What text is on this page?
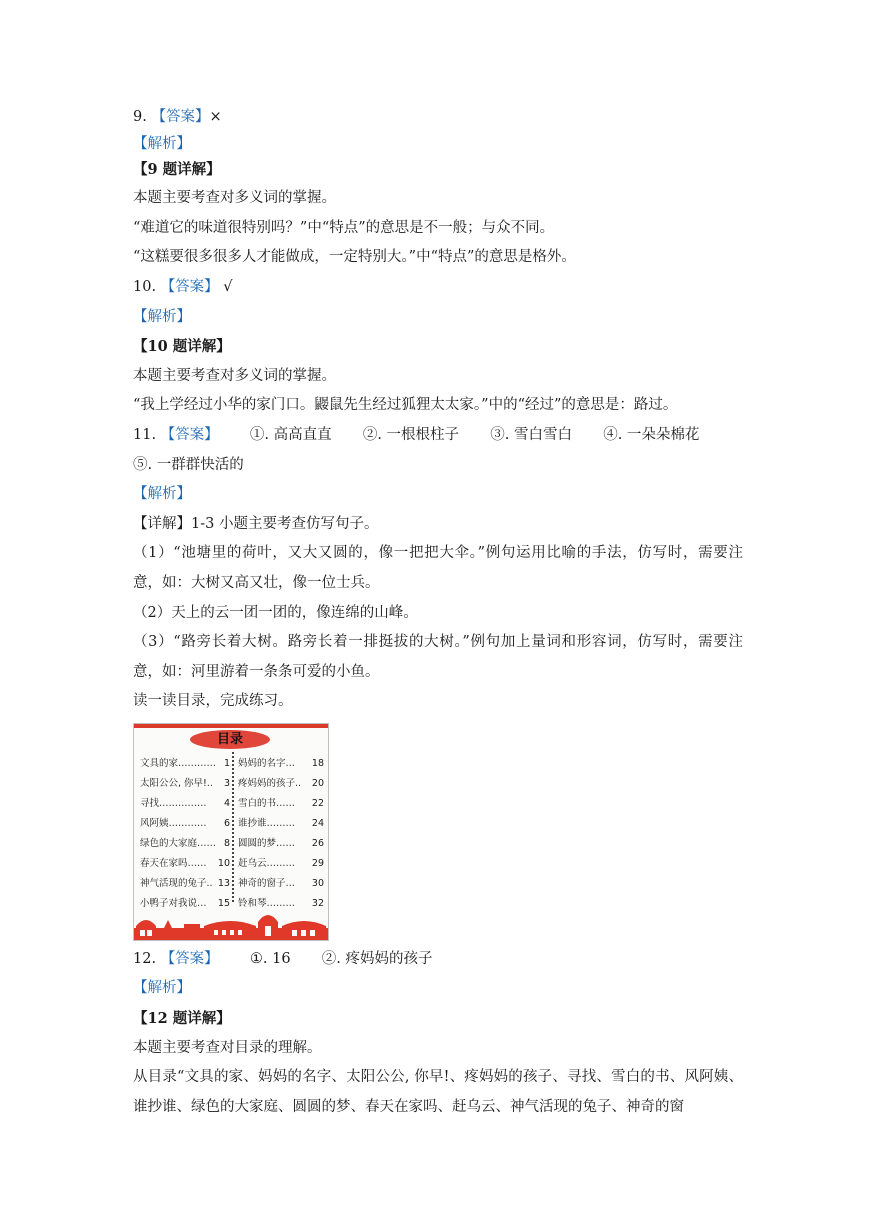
9. 【答案】×
【解析】
【9 题详解】
本题主要考查对多义词的掌握。
“难道它的味道很特别吗？”中“特点”的意思是不一般；与众不同。
“这糕要很多很多人才能做成，一定特别大。”中“特点”的意思是格外。
10. 【答案】 √
【解析】
【10 题详解】
本题主要考查对多义词的掌握。
“我上学经过小华的家门口。鼹鼠先生经过狐狸太太家。”中的“经过”的意思是：路过。
11. 【答案】 ①. 高高直直 ②. 一根根柱子 ③. 雪白雪白 ④. 一朵朵棉花
⑤. 一群群快活的
【解析】
【详解】1-3 小题主要考查仿写句子。
（1）“池塘里的荷叶，又大又圆的，像一把把大伞。”例句运用比喻的手法，仿写时，需要注意，如：大树又高又壮，像一位士兵。
（2）天上的云一团一团的，像连绵的山峰。
（3）“路旁长着大树。路旁长着一排挺拔的大树。”例句加上量词和形容词，仿写时，需要注意，如：河里游着一条条可爱的小鱼。
读一读目录，完成练习。
目录
文具的家 ………… 1
太阳公公, 你早! ..	3
寻找 ……………	4
风阿姨 …………	6
绿色的大家庭 …… 8
春天在家吗 ……	10
神气活现的兔子 .. 13
小鸭子对我说 …	15
妈妈的名字 …	18
疼妈妈的孩子 ..	20
雪白的书 ……	22
谁抄谁 ………	24
圆圆的梦 ……	26
赶乌云 ………	29
神奇的窗子 …	30
铃和琴 ………	32
12. 【答案】 ①. 16 ②. 疼妈妈的孩子
【解析】
【12 题详解】
本题主要考查对目录的理解。
从目录“文具的家、妈妈的名字、太阳公公, 你早!、疼妈妈的孩子、寻找、雪白的书、风阿姨、谁抄谁、绿色的大家庭、圆圆的梦、春天在家吗、赶乌云、神气活现的兔子、神奇的窗
